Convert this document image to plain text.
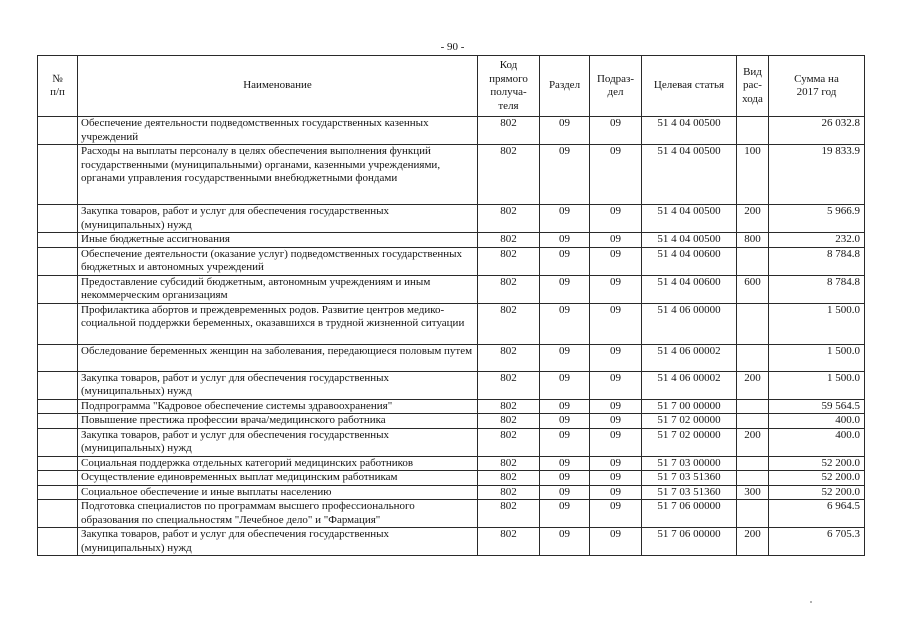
- 90 -
№
п/п	Наименование	Код
прямого
получа-
теля	Раздел	Подраз-
дел	Целевая статья	Вид
рас-
хода	Сумма на
2017 год
	Обеспечение деятельности подведомственных государственных казенных учреждений	802	09	09	51 4 04 00500		26 032.8
	Расходы на выплаты персоналу в целях обеспечения выполнения функций государственными (муниципальными) органами, казенными учреждениями, органами управления государственными внебюджетными фондами	802	09	09	51 4 04 00500	100	19 833.9
	Закупка товаров, работ и услуг для обеспечения государственных (муниципальных) нужд	802	09	09	51 4 04 00500	200	5 966.9
	Иные бюджетные ассигнования	802	09	09	51 4 04 00500	800	232.0
	Обеспечение деятельности (оказание услуг) подведомственных государственных бюджетных и автономных учреждений	802	09	09	51 4 04 00600		8 784.8
	Предоставление субсидий бюджетным, автономным учреждениям и иным некоммерческим организациям	802	09	09	51 4 04 00600	600	8 784.8
	Профилактика абортов и преждевременных родов. Развитие центров медико-социальной поддержки беременных, оказавшихся в трудной жизненной ситуации	802	09	09	51 4 06 00000		1 500.0
	Обследование беременных женщин на заболевания, передающиеся половым путем	802	09	09	51 4 06 00002		1 500.0
	Закупка товаров, работ и услуг для обеспечения государственных (муниципальных) нужд	802	09	09	51 4 06 00002	200	1 500.0
	Подпрограмма "Кадровое обеспечение системы здравоохранения"	802	09	09	51 7 00 00000		59 564.5
	Повышение престижа профессии врача/медицинского работника	802	09	09	51 7 02 00000		400.0
	Закупка товаров, работ и услуг для обеспечения государственных (муниципальных) нужд	802	09	09	51 7 02 00000	200	400.0
	Социальная поддержка отдельных категорий медицинских работников	802	09	09	51 7 03 00000		52 200.0
	Осуществление единовременных выплат медицинским работникам	802	09	09	51 7 03 51360		52 200.0
	Социальное обеспечение и иные выплаты населению	802	09	09	51 7 03 51360	300	52 200.0
	Подготовка специалистов по программам высшего профессионального образования по специальностям "Лечебное дело" и "Фармация"	802	09	09	51 7 06 00000		6 964.5
	Закупка товаров, работ и услуг для обеспечения государственных (муниципальных) нужд	802	09	09	51 7 06 00000	200	6 705.3
